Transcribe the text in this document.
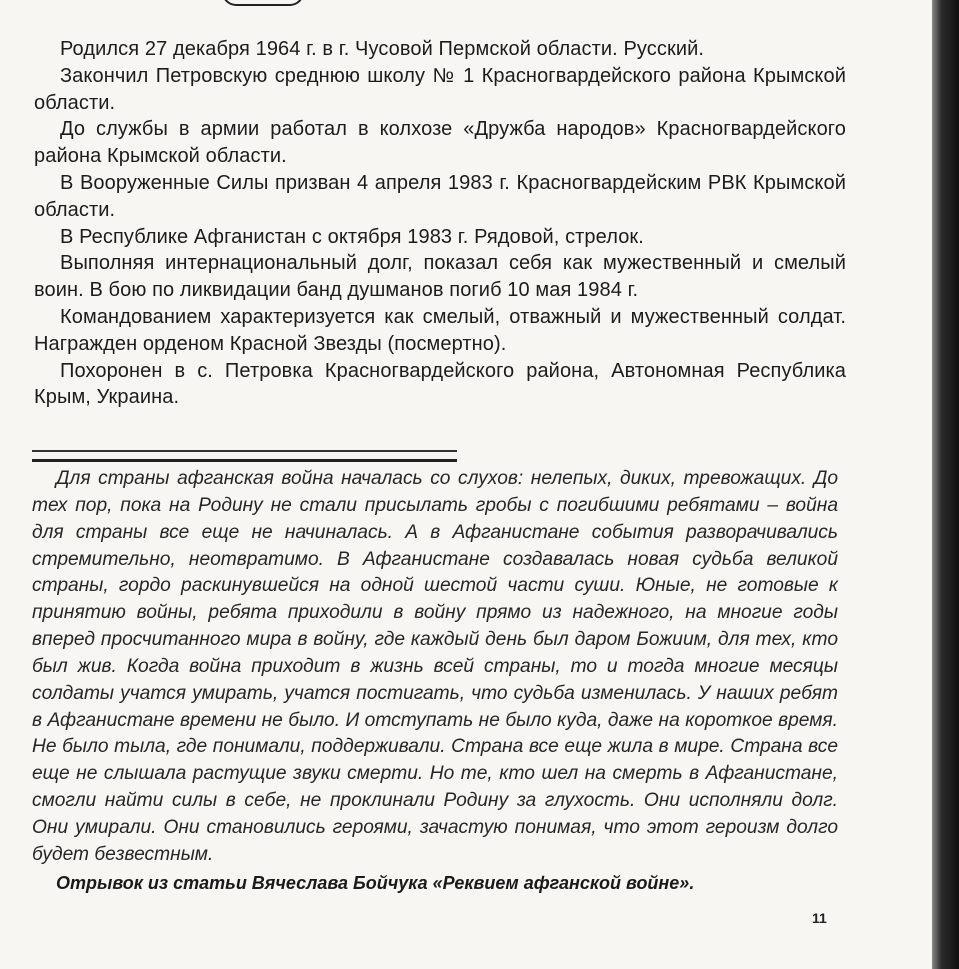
Родился 27 декабря 1964 г. в г. Чусовой Пермской области. Русский.

Закончил Петровскую среднюю школу № 1 Красногвардейского района Крымской области.

До службы в армии работал в колхозе «Дружба народов» Красногвардейского района Крымской области.

В Вооруженные Силы призван 4 апреля 1983 г. Красногвардейским РВК Крымской области.

В Республике Афганистан с октября 1983 г. Рядовой, стрелок.

Выполняя интернациональный долг, показал себя как мужественный и смелый воин. В бою по ликвидации банд душманов погиб 10 мая 1984 г.

Командованием характеризуется как смелый, отважный и мужественный солдат. Награжден орденом Красной Звезды (посмертно).

Похоронен в с. Петровка Красногвардейского района, Автономная Республика Крым, Украина.

Для страны афганская война началась со слухов: нелепых, диких, тревожащих. До тех пор, пока на Родину не стали присылать гробы с погибшими ребятами – война для страны все еще не начиналась. А в Афганистане события разворачивались стремительно, неотвратимо. В Афганистане создавалась новая судьба великой страны, гордо раскинувшейся на одной шестой части суши. Юные, не готовые к принятию войны, ребята приходили в войну прямо из надежного, на многие годы вперед просчитанного мира в войну, где каждый день был даром Божиим, для тех, кто был жив. Когда война приходит в жизнь всей страны, то и тогда многие месяцы солдаты учатся умирать, учатся постигать, что судьба изменилась. У наших ребят в Афганистане времени не было. И отступать не было куда, даже на короткое время. Не было тыла, где понимали, поддерживали. Страна все еще жила в мире. Страна все еще не слышала растущие звуки смерти. Но те, кто шел на смерть в Афганистане, смогли найти силы в себе, не проклинали Родину за глухость. Они исполняли долг. Они умирали. Они становились героями, зачастую понимая, что этот героизм долго будет безвестным.

Отрывок из статьи Вячеслава Бойчука «Реквием афганской войне».
11
